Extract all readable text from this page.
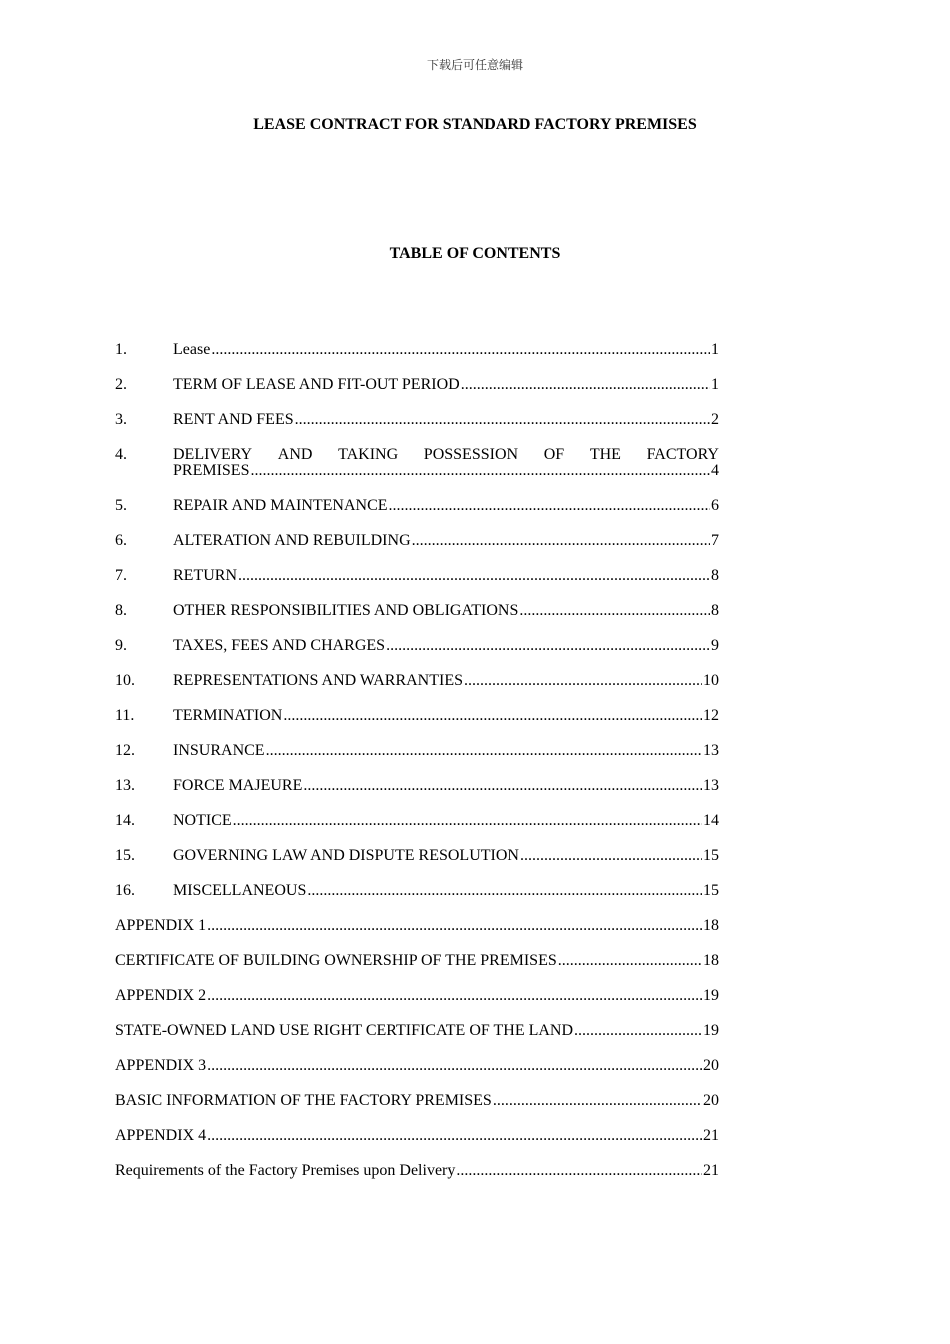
下载后可任意编辑
LEASE CONTRACT FOR STANDARD FACTORY PREMISES
TABLE OF CONTENTS
1.	Lease .....	1
2.	TERM OF LEASE AND FIT-OUT PERIOD .....	1
3.	RENT AND FEES .....	2
4.	DELIVERY AND TAKING POSSESSION OF THE FACTORY
PREMISES .....	4
5.	REPAIR AND MAINTENANCE .....	6
6.	ALTERATION AND REBUILDING .....	7
7.	RETURN .....	8
8.	OTHER RESPONSIBILITIES AND OBLIGATIONS .....	8
9.	TAXES, FEES AND CHARGES .....	9
10.	REPRESENTATIONS AND WARRANTIES .....	10
11.	TERMINATION .....	12
12.	INSURANCE .....	13
13.	FORCE MAJEURE .....	13
14.	NOTICE .....	14
15.	GOVERNING LAW AND DISPUTE RESOLUTION .....	15
16.	MISCELLANEOUS .....	15
APPENDIX 1 .....	18
CERTIFICATE OF BUILDING OWNERSHIP OF THE PREMISES .....	18
APPENDIX 2 .....	19
STATE-OWNED LAND USE RIGHT CERTIFICATE OF THE LAND .....	19
APPENDIX 3 .....	20
BASIC INFORMATION OF THE FACTORY PREMISES .....	20
APPENDIX 4 .....	21
Requirements of the Factory Premises upon Delivery .....	21
